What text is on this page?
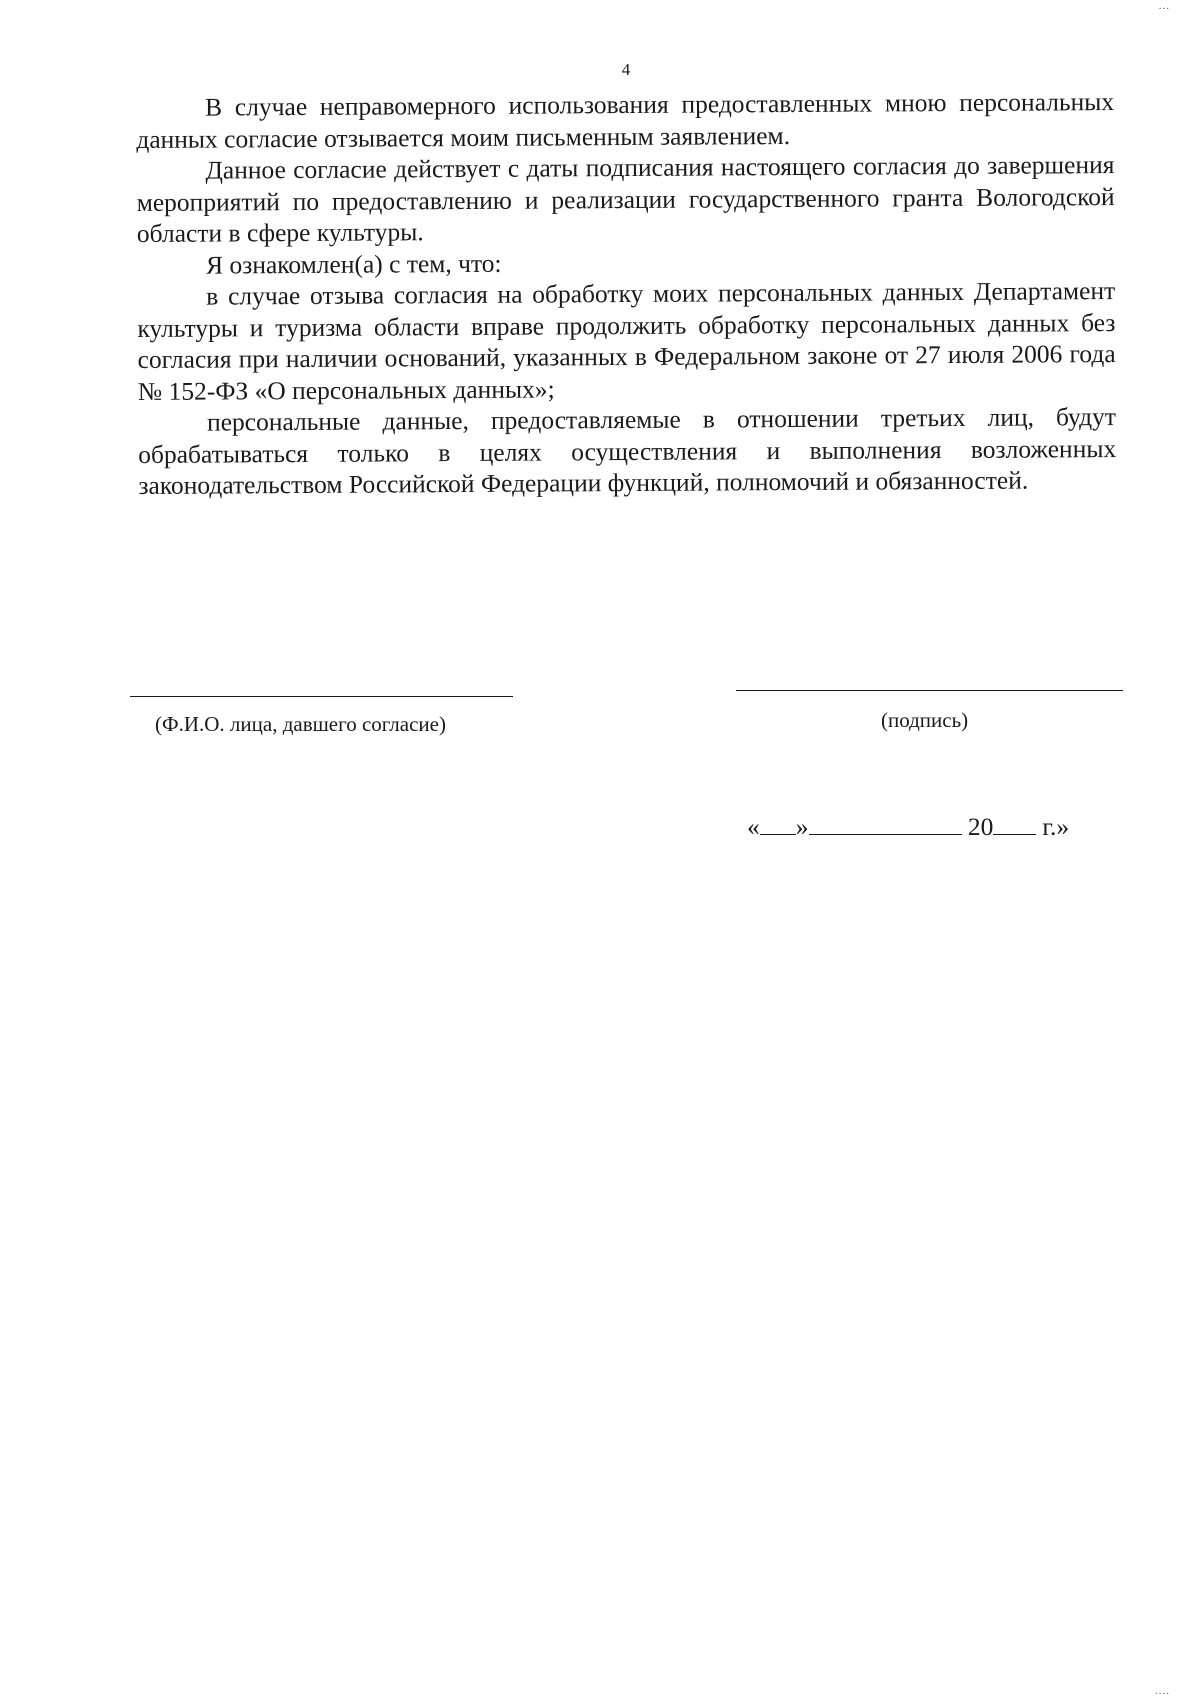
...
4

В случае неправомерного использования предоставленных мною персональных данных согласие отзывается моим письменным заявлением.

Данное согласие действует с даты подписания настоящего согласия до завершения мероприятий по предоставлению и реализации государственного гранта Вологодской области в сфере культуры.

Я ознакомлен(а) с тем, что:

в случае отзыва согласия на обработку моих персональных данных Департамент культуры и туризма области вправе продолжить обработку персональных данных без согласия при наличии оснований, указанных в Федеральном законе от 27 июля 2006 года № 152-ФЗ «О персональных данных»;

персональные данные, предоставляемые в отношении третьих лиц, будут обрабатываться только в целях осуществления и выполнения возложенных законодательством Российской Федерации функций, полномочий и обязанностей.

(Ф.И.О. лица, давшего согласие)	(подпись)
« »	20 г.»
....
